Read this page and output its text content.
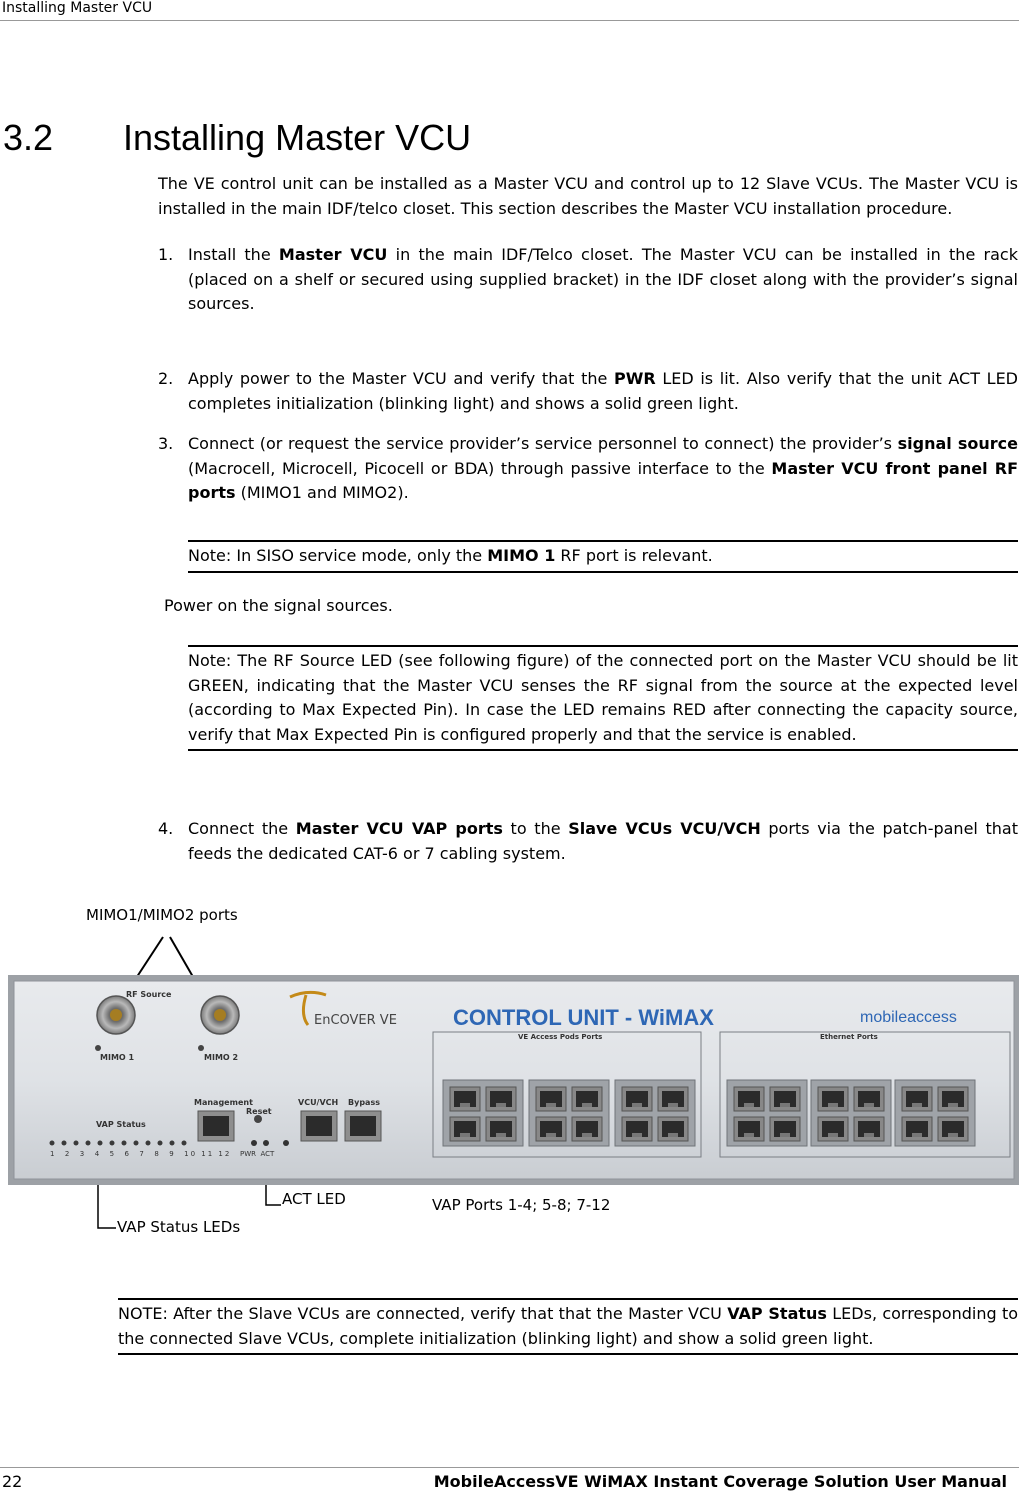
Installing Master VCU
3.2 Installing Master VCU
The VE control unit can be installed as a Master VCU and control up to 12 Slave VCUs. The Master VCU is installed in the main IDF/telco closet. This section describes the Master VCU installation procedure.
1. Install the Master VCU in the main IDF/Telco closet. The Master VCU can be installed in the rack (placed on a shelf or secured using supplied bracket) in the IDF closet along with the provider’s signal sources.
2. Apply power to the Master VCU and verify that the PWR LED is lit. Also verify that the unit ACT LED completes initialization (blinking light) and shows a solid green light.
3. Connect (or request the service provider’s service personnel to connect) the provider’s signal source (Macrocell, Microcell, Picocell or BDA) through passive interface to the Master VCU front panel RF ports (MIMO1 and MIMO2).
Note: In SISO service mode, only the MIMO 1 RF port is relevant.
Power on the signal sources.
Note: The RF Source LED (see following figure) of the connected port on the Master VCU should be lit GREEN, indicating that the Master VCU senses the RF signal from the source at the expected level (according to Max Expected Pin). In case the LED remains RED after connecting the capacity source, verify that Max Expected Pin is configured properly and that the service is enabled.
4. Connect the Master VCU VAP ports to the Slave VCUs VCU/VCH ports via the patch-panel that feeds the dedicated CAT-6 or 7 cabling system.
MIMO1/MIMO2 ports
RF Source
MIMO 1	MIMO 2
EnCOVER VE	CONTROL UNIT - WiMAX	mobileaccess
Management
Reset
VCU/VCH Bypass
VAP Status
1  2  3  4  5  6  7  8  9  10 11 12 PWR  ACT
VE Access Pods Ports	Ethernet Ports
ACT LED
VAP Status LEDs
VAP Ports 1-4; 5-8; 7-12
NOTE: After the Slave VCUs are connected, verify that that the Master VCU VAP Status LEDs, corresponding to the connected Slave VCUs, complete initialization (blinking light) and show a solid green light.
22	MobileAccessVE WiMAX Instant Coverage Solution User Manual
